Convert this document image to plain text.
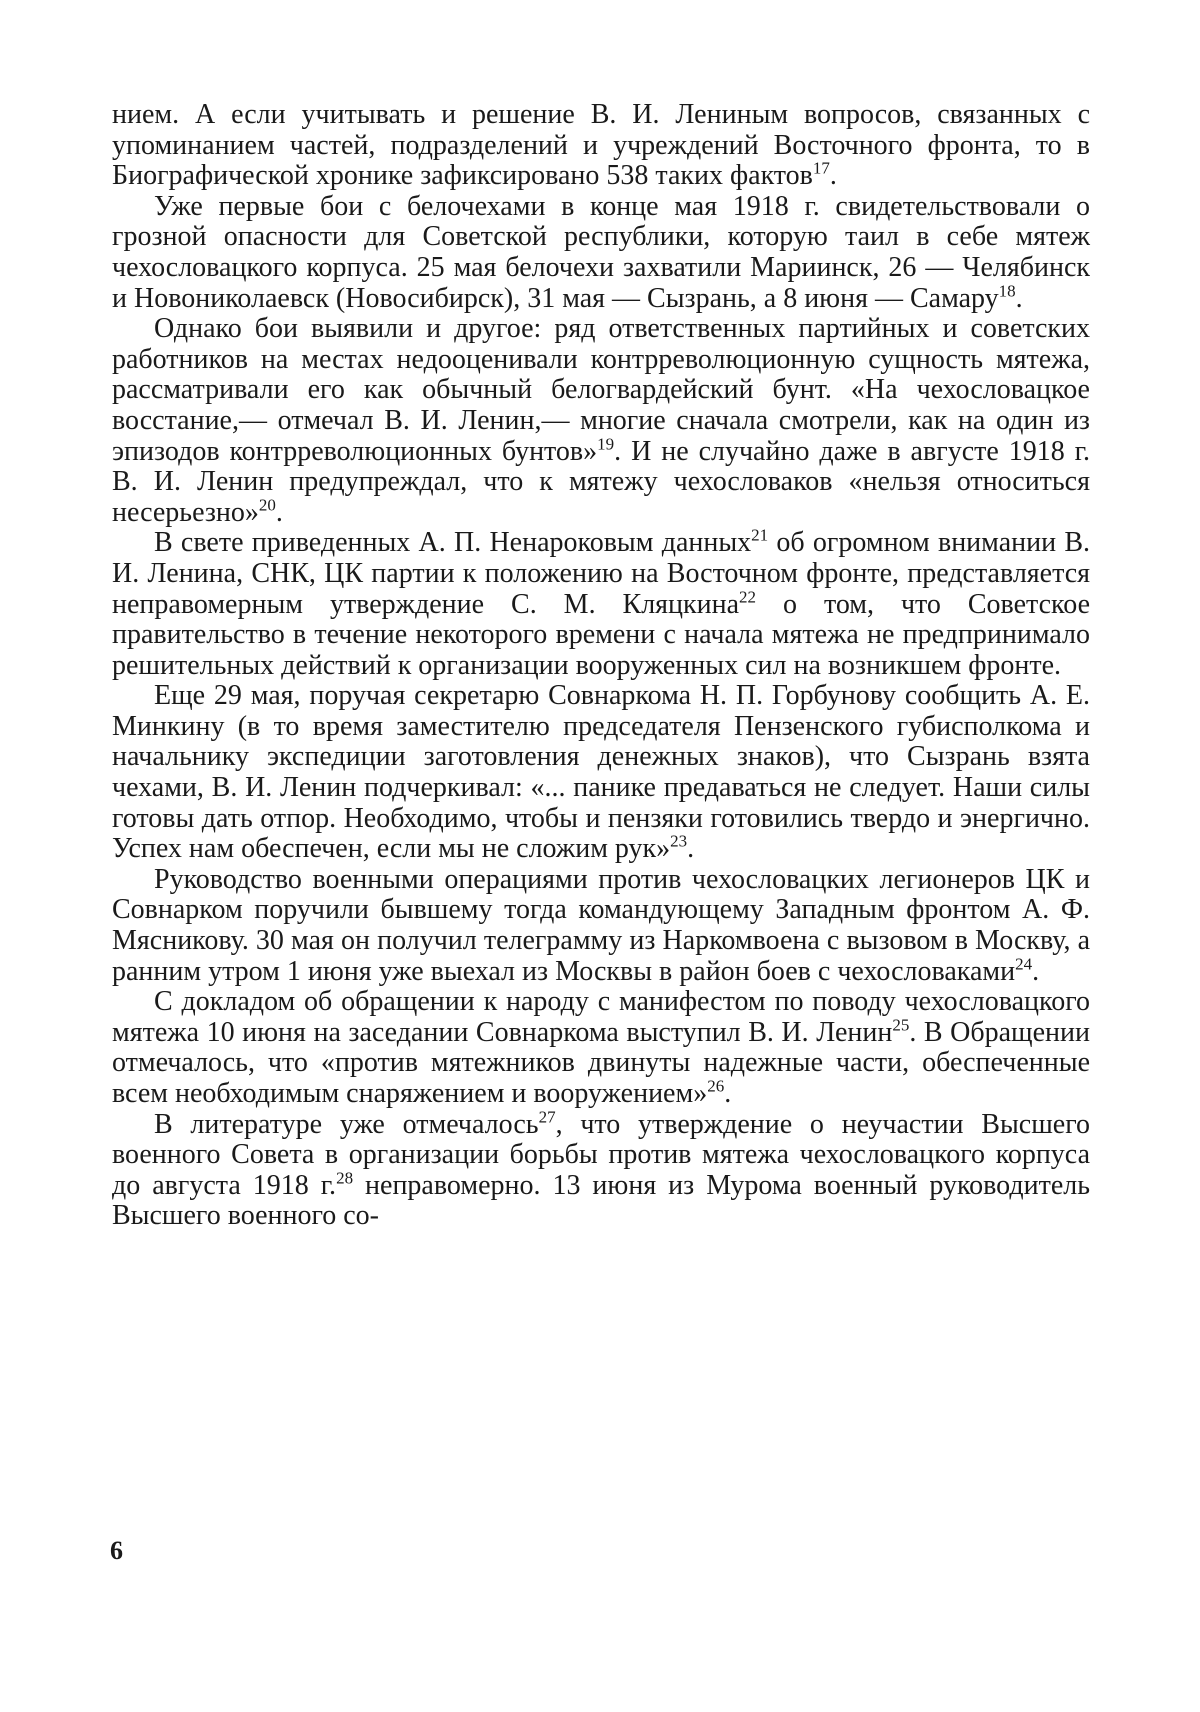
нием. А если учитывать и решение В. И. Лениным вопросов, связанных с упоминанием частей, подразделений и учреждений Восточного фронта, то в Биографической хронике зафиксировано 538 таких фактов$^{17}$.

Уже первые бои с белочехами в конце мая 1918 г. свидетельствовали о грозной опасности для Советской республики, которую таил в себе мятеж чехословацкого корпуса. 25 мая белочехи захватили Мариинск, 26 — Челябинск и Новониколаевск (Новосибирск), 31 мая — Сызрань, а 8 июня — Самару$^{18}$.

Однако бои выявили и другое: ряд ответственных партийных и советских работников на местах недооценивали контрреволюционную сущность мятежа, рассматривали его как обычный белогвардейский бунт. «На чехословацкое восстание,— отмечал В. И. Ленин,— многие сначала смотрели, как на один из эпизодов контрреволюционных бунтов»$^{19}$. И не случайно даже в августе 1918 г. В. И. Ленин предупреждал, что к мятежу чехословаков «нельзя относиться несерьезно»$^{20}$.

В свете приведенных А. П. Ненароковым данных$^{21}$ об огромном внимании В. И. Ленина, СНК, ЦК партии к положению на Восточном фронте, представляется неправомерным утверждение С. М. Кляцкина$^{22}$ о том, что Советское правительство в течение некоторого времени с начала мятежа не предпринимало решительных действий к организации вооруженных сил на возникшем фронте.

Еще 29 мая, поручая секретарю Совнаркома Н. П. Горбунову сообщить А. Е. Минкину (в то время заместителю председателя Пензенского губисполкома и начальнику экспедиции заготовления денежных знаков), что Сызрань взята чехами, В. И. Ленин подчеркивал: «... панике предаваться не следует. Наши силы готовы дать отпор. Необходимо, чтобы и пензяки готовились твердо и энергично. Успех нам обеспечен, если мы не сложим рук»$^{23}$.

Руководство военными операциями против чехословацких легионеров ЦК и Совнарком поручили бывшему тогда командующему Западным фронтом А. Ф. Мясникову. 30 мая он получил телеграмму из Наркомвоена с вызовом в Москву, а ранним утром 1 июня уже выехал из Москвы в район боев с чехословаками$^{24}$.

С докладом об обращении к народу с манифестом по поводу чехословацкого мятежа 10 июня на заседании Совнаркома выступил В. И. Ленин$^{25}$. В Обращении отмечалось, что «против мятежников двинуты надежные части, обеспеченные всем необходимым снаряжением и вооружением»$^{26}$.

В литературе уже отмечалось$^{27}$, что утверждение о неучастии Высшего военного Совета в организации борьбы против мятежа чехословацкого корпуса до августа 1918 г.$^{28}$ неправомерно. 13 июня из Мурома военный руководитель Высшего военного со-

6
